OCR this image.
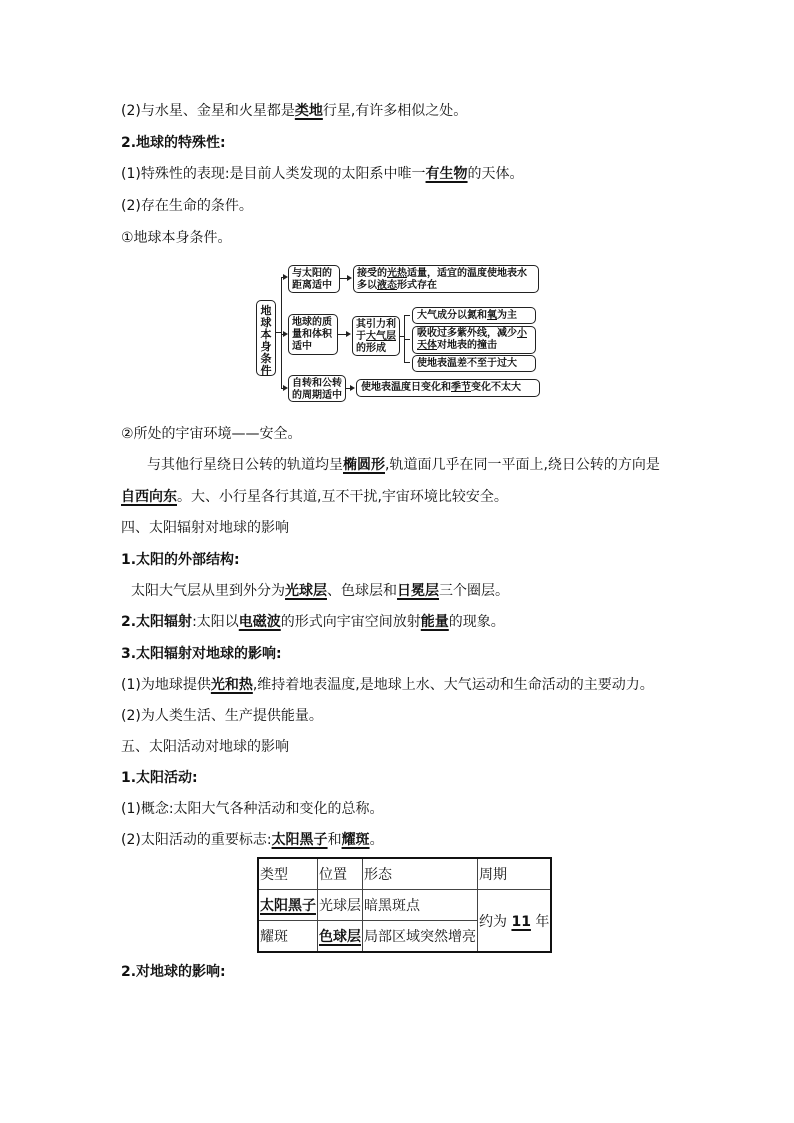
(2)与水星、金星和火星都是类地行星,有许多相似之处。
2.地球的特殊性:
(1)特殊性的表现:是目前人类发现的太阳系中唯一有生物的天体。
(2)存在生命的条件。
①地球本身条件。
地球本身条件
与太阳的距离适中
接受的光热适量，适宜的温度使地表水多以液态形式存在
地球的质量和体积适中
其引力利于大气层的形成
大气成分以氮和氧为主
吸收过多紫外线，减少小天体对地表的撞击
使地表温差不至于过大
自转和公转的周期适中
使地表温度日变化和季节变化不太大
②所处的宇宙环境——安全。
与其他行星绕日公转的轨道均呈椭圆形,轨道面几乎在同一平面上,绕日公转的方向是
自西向东。大、小行星各行其道,互不干扰,宇宙环境比较安全。
四、太阳辐射对地球的影响
1.太阳的外部结构:
太阳大气层从里到外分为光球层、色球层和日冕层三个圈层。
2.太阳辐射:太阳以电磁波的形式向宇宙空间放射能量的现象。
3.太阳辐射对地球的影响:
(1)为地球提供光和热,维持着地表温度,是地球上水、大气运动和生命活动的主要动力。
(2)为人类生活、生产提供能量。
五、太阳活动对地球的影响
1.太阳活动:
(1)概念:太阳大气各种活动和变化的总称。
(2)太阳活动的重要标志:太阳黑子和耀斑。
类型	位置	形态	周期
太阳黑子	光球层	暗黑斑点	约为 11 年
耀斑	色球层	局部区域突然增亮	
2.对地球的影响:
